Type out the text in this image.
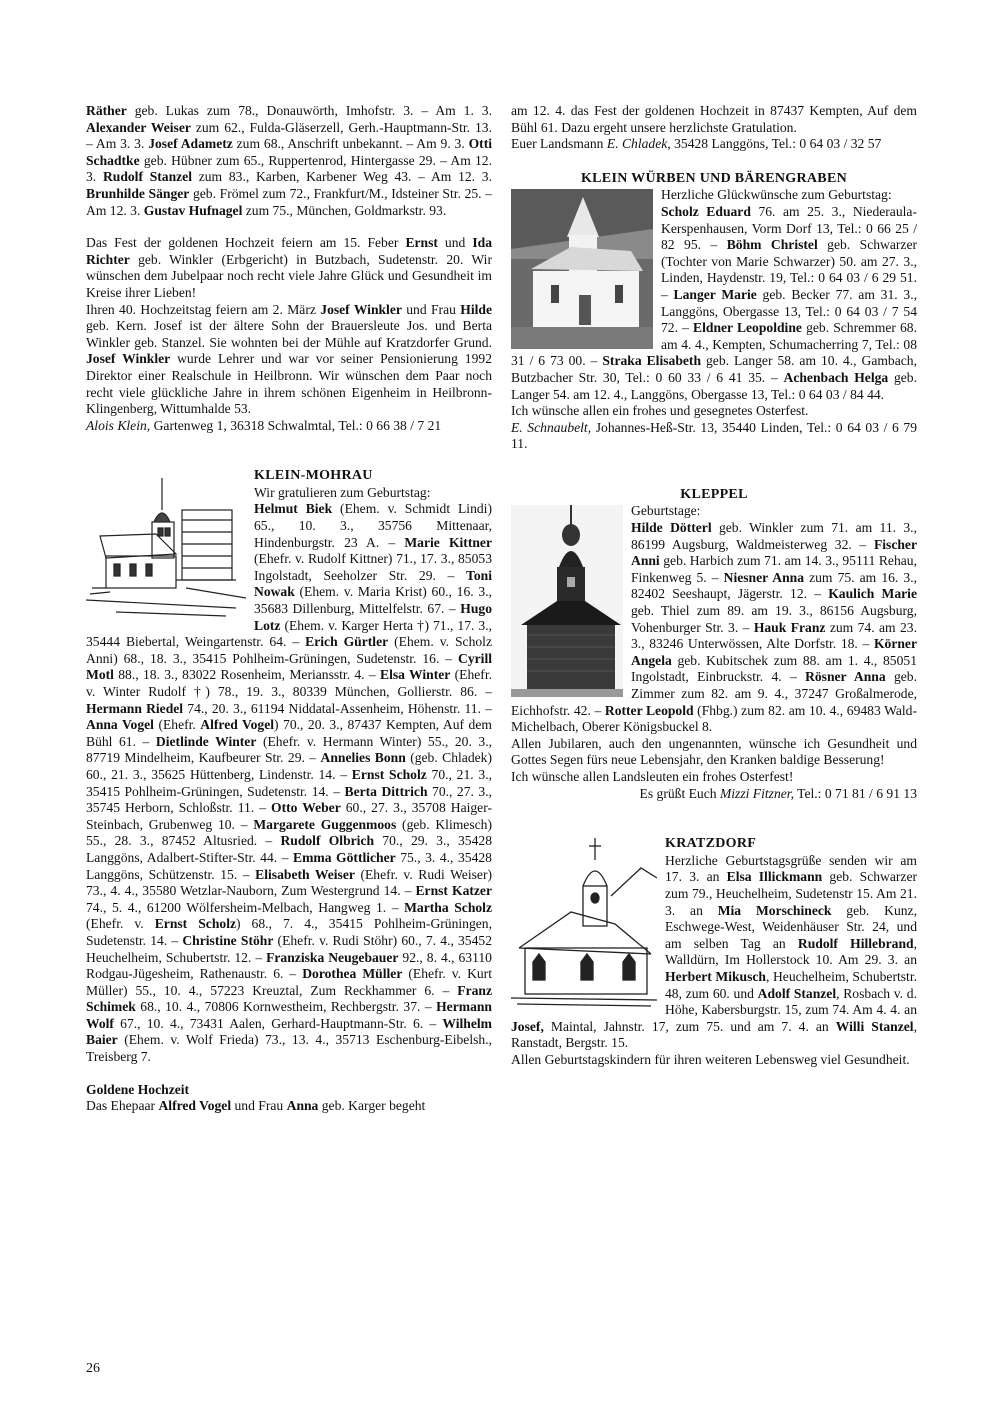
Räther geb. Lukas zum 78., Donauwörth, Imhofstr. 3. – Am 1. 3. Alexander Weiser zum 62., Fulda-Gläserzell, Gerh.-Hauptmann-Str. 13. – Am 3. 3. Josef Adametz zum 68., Anschrift unbekannt. – Am 9. 3. Otti Schadtke geb. Hübner zum 65., Ruppertenrod, Hintergasse 29. – Am 12. 3. Rudolf Stanzel zum 83., Karben, Karbener Weg 43. – Am 12. 3. Brunhilde Sänger geb. Frömel zum 72., Frankfurt/M., Idsteiner Str. 25. – Am 12. 3. Gustav Hufnagel zum 75., München, Goldmarkstr. 93.

Das Fest der goldenen Hochzeit feiern am 15. Feber Ernst und Ida Richter geb. Winkler (Erbgericht) in Butzbach, Sudetenstr. 20. Wir wünschen dem Jubelpaar noch recht viele Jahre Glück und Gesundheit im Kreise ihrer Lieben!

Ihren 40. Hochzeitstag feiern am 2. März Josef Winkler und Frau Hilde geb. Kern. Josef ist der ältere Sohn der Brauersleute Jos. und Berta Winkler geb. Stanzel. Sie wohnten bei der Mühle auf Kratzdorfer Grund. Josef Winkler wurde Lehrer und war vor seiner Pensionierung 1992 Direktor einer Realschule in Heilbronn. Wir wünschen dem Paar noch recht viele glückliche Jahre in ihrem schönen Eigenheim in Heilbronn-Klingenberg, Wittumhalde 53.

Alois Klein, Gartenweg 1, 36318 Schwalmtal, Tel.: 0 66 38 / 7 21

KLEIN-MOHRAU

Wir gratulieren zum Geburtstag:

Helmut Biek (Ehem. v. Schmidt Lindi) 65., 10. 3., 35756 Mittenaar, Hindenburgstr. 23 A. – Marie Kittner (Ehefr. v. Rudolf Kittner) 71., 17. 3., 85053 Ingolstadt, Seeholzer Str. 29. – Toni Nowak (Ehem. v. Maria Krist) 60., 16. 3., 35683 Dillenburg, Mittelfelstr. 67. – Hugo Lotz (Ehem. v. Karger Herta †) 71., 17. 3., 35444 Biebertal, Weingartenstr. 64. – Erich Gürtler (Ehem. v. Scholz Anni) 68., 18. 3., 35415 Pohlheim-Grüningen, Sudetenstr. 16. – Cyrill Motl 88., 18. 3., 83022 Rosenheim, Meriansstr. 4. – Elsa Winter (Ehefr. v. Winter Rudolf †) 78., 19. 3., 80339 München, Gollierstr. 86. – Hermann Riedel 74., 20. 3., 61194 Niddatal-Assenheim, Höhenstr. 11. – Anna Vogel (Ehefr. Alfred Vogel) 70., 20. 3., 87437 Kempten, Auf dem Bühl 61. – Dietlinde Winter (Ehefr. v. Hermann Winter) 55., 20. 3., 87719 Mindelheim, Kaufbeurer Str. 29. – Annelies Bonn (geb. Chladek) 60., 21. 3., 35625 Hüttenberg, Lindenstr. 14. – Ernst Scholz 70., 21. 3., 35415 Pohlheim-Grüningen, Sudetenstr. 14. – Berta Dittrich 70., 27. 3., 35745 Herborn, Schloßstr. 11. – Otto Weber 60., 27. 3., 35708 Haiger-Steinbach, Grubenweg 10. – Margarete Guggenmoos (geb. Klimesch) 55., 28. 3., 87452 Altusried. – Rudolf Olbrich 70., 29. 3., 35428 Langgöns, Adalbert-Stifter-Str. 44. – Emma Göttlicher 75., 3. 4., 35428 Langgöns, Schützenstr. 15. – Elisabeth Weiser (Ehefr. v. Rudi Weiser) 73., 4. 4., 35580 Wetzlar-Nauborn, Zum Westergrund 14. – Ernst Katzer 74., 5. 4., 61200 Wölfersheim-Melbach, Hangweg 1. – Martha Scholz (Ehefr. v. Ernst Scholz) 68., 7. 4., 35415 Pohlheim-Grüningen, Sudetenstr. 14. – Christine Stöhr (Ehefr. v. Rudi Stöhr) 60., 7. 4., 35452 Heuchelheim, Schubertstr. 12. – Franziska Neugebauer 92., 8. 4., 63110 Rodgau-Jügesheim, Rathenaustr. 6. – Dorothea Müller (Ehefr. v. Kurt Müller) 55., 10. 4., 57223 Kreuztal, Zum Reckhammer 6. – Franz Schimek 68., 10. 4., 70806 Kornwestheim, Rechbergstr. 37. – Hermann Wolf 67., 10. 4., 73431 Aalen, Gerhard-Hauptmann-Str. 6. – Wilhelm Baier (Ehem. v. Wolf Frieda) 73., 13. 4., 35713 Eschenburg-Eibelsh., Treisberg 7.

Goldene Hochzeit

Das Ehepaar Alfred Vogel und Frau Anna geb. Karger begeht

am 12. 4. das Fest der goldenen Hochzeit in 87437 Kempten, Auf dem Bühl 61. Dazu ergeht unsere herzlichste Gratulation.

Euer Landsmann E. Chladek, 35428 Langgöns, Tel.: 0 64 03 / 32 57

KLEIN WÜRBEN UND BÄRENGRABEN

Herzliche Glückwünsche zum Geburtstag:

Scholz Eduard 76. am 25. 3., Niederaula-Kerspenhausen, Vorm Dorf 13, Tel.: 0 66 25 / 82 95. – Böhm Christel geb. Schwarzer (Tochter von Marie Schwarzer) 50. am 27. 3., Linden, Haydenstr. 19, Tel.: 0 64 03 / 6 29 51. – Langer Marie geb. Becker 77. am 31. 3., Langgöns, Obergasse 13, Tel.: 0 64 03 / 7 54 72. – Eldner Leopoldine geb. Schremmer 68. am 4. 4., Kempten, Schumacherring 7, Tel.: 08 31 / 6 73 00. – Straka Elisabeth geb. Langer 58. am 10. 4., Gambach, Butzbacher Str. 30, Tel.: 0 60 33 / 6 41 35. – Achenbach Helga geb. Langer 54. am 12. 4., Langgöns, Obergasse 13, Tel.: 0 64 03 / 84 44.

Ich wünsche allen ein frohes und gesegnetes Osterfest.

E. Schnaubelt, Johannes-Heß-Str. 13, 35440 Linden, Tel.: 0 64 03 / 6 79 11.

KLEPPEL

Geburtstage:

Hilde Dötterl geb. Winkler zum 71. am 11. 3., 86199 Augsburg, Waldmeisterweg 32. – Fischer Anni geb. Harbich zum 71. am 14. 3., 95111 Rehau, Finkenweg 5. – Niesner Anna zum 75. am 16. 3., 82402 Seeshaupt, Jägerstr. 12. – Kaulich Marie geb. Thiel zum 89. am 19. 3., 86156 Augsburg, Vohenburger Str. 3. – Hauk Franz zum 74. am 23. 3., 83246 Unterwössen, Alte Dorfstr. 18. – Körner Angela geb. Kubitschek zum 88. am 1. 4., 85051 Ingolstadt, Einbruckstr. 4. – Rösner Anna geb. Zimmer zum 82. am 9. 4., 37247 Großalmerode, Eichhofstr. 42. – Rotter Leopold (Fhbg.) zum 82. am 10. 4., 69483 Wald-Michelbach, Oberer Königsbuckel 8.

Allen Jubilaren, auch den ungenannten, wünsche ich Gesundheit und Gottes Segen fürs neue Lebensjahr, den Kranken baldige Besserung!

Ich wünsche allen Landsleuten ein frohes Osterfest!

Es grüßt Euch Mizzi Fitzner, Tel.: 0 71 81 / 6 91 13

KRATZDORF

Herzliche Geburtstagsgrüße senden wir am 17. 3. an Elsa Illickmann geb. Schwarzer zum 79., Heuchelheim, Sudetenstr 15. Am 21. 3. an Mia Morschineck geb. Kunz, Eschwege-West, Weidenhäuser Str. 24, und am selben Tag an Rudolf Hillebrand, Walldürn, Im Hollerstock 10. Am 29. 3. an Herbert Mikusch, Heuchelheim, Schubertstr. 48, zum 60. und Adolf Stanzel, Rosbach v. d. Höhe, Kabersburgstr. 15, zum 74. Am 4. 4. an Josef, Maintal, Jahnstr. 17, zum 75. und am 7. 4. an Willi Stanzel, Ranstadt, Bergstr. 15.

Allen Geburtstagskindern für ihren weiteren Lebensweg viel Gesundheit.

26
